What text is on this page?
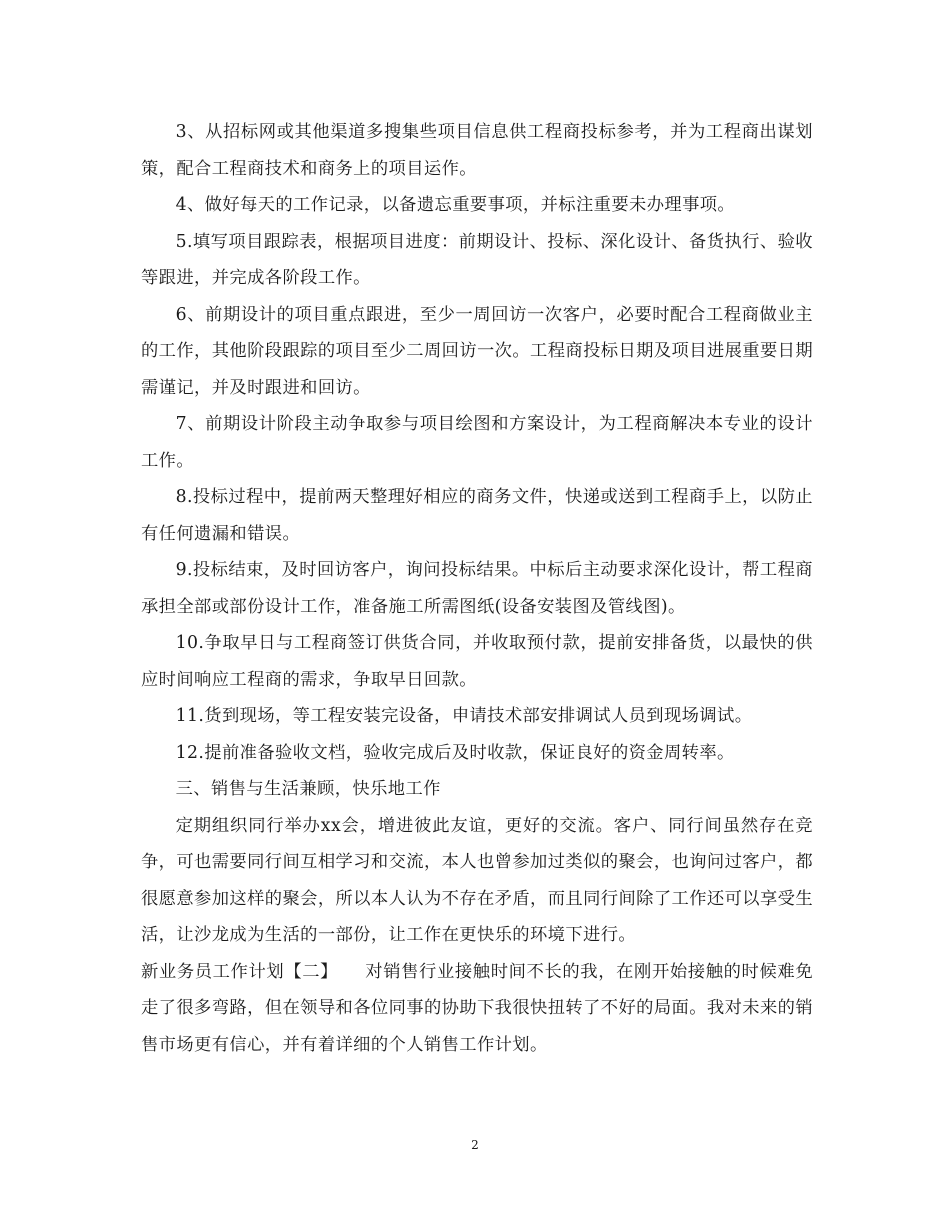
3、从招标网或其他渠道多搜集些项目信息供工程商投标参考，并为工程商出谋划策，配合工程商技术和商务上的项目运作。

4、做好每天的工作记录，以备遗忘重要事项，并标注重要未办理事项。

5.填写项目跟踪表，根据项目进度：前期设计、投标、深化设计、备货执行、验收等跟进，并完成各阶段工作。

6、前期设计的项目重点跟进，至少一周回访一次客户，必要时配合工程商做业主的工作，其他阶段跟踪的项目至少二周回访一次。工程商投标日期及项目进展重要日期需谨记，并及时跟进和回访。

7、前期设计阶段主动争取参与项目绘图和方案设计，为工程商解决本专业的设计工作。

8.投标过程中，提前两天整理好相应的商务文件，快递或送到工程商手上，以防止有任何遗漏和错误。

9.投标结束，及时回访客户，询问投标结果。中标后主动要求深化设计，帮工程商承担全部或部份设计工作，准备施工所需图纸(设备安装图及管线图)。

10.争取早日与工程商签订供货合同，并收取预付款，提前安排备货，以最快的供应时间响应工程商的需求，争取早日回款。

11.货到现场，等工程安装完设备，申请技术部安排调试人员到现场调试。

12.提前准备验收文档，验收完成后及时收款，保证良好的资金周转率。

三、销售与生活兼顾，快乐地工作

定期组织同行举办xx会，增进彼此友谊，更好的交流。客户、同行间虽然存在竞争，可也需要同行间互相学习和交流，本人也曾参加过类似的聚会，也询问过客户，都很愿意参加这样的聚会，所以本人认为不存在矛盾，而且同行间除了工作还可以享受生活，让沙龙成为生活的一部份，让工作在更快乐的环境下进行。

新业务员工作计划【二】　　对销售行业接触时间不长的我，在刚开始接触的时候难免走了很多弯路，但在领导和各位同事的协助下我很快扭转了不好的局面。我对未来的销售市场更有信心，并有着详细的个人销售工作计划。

2
